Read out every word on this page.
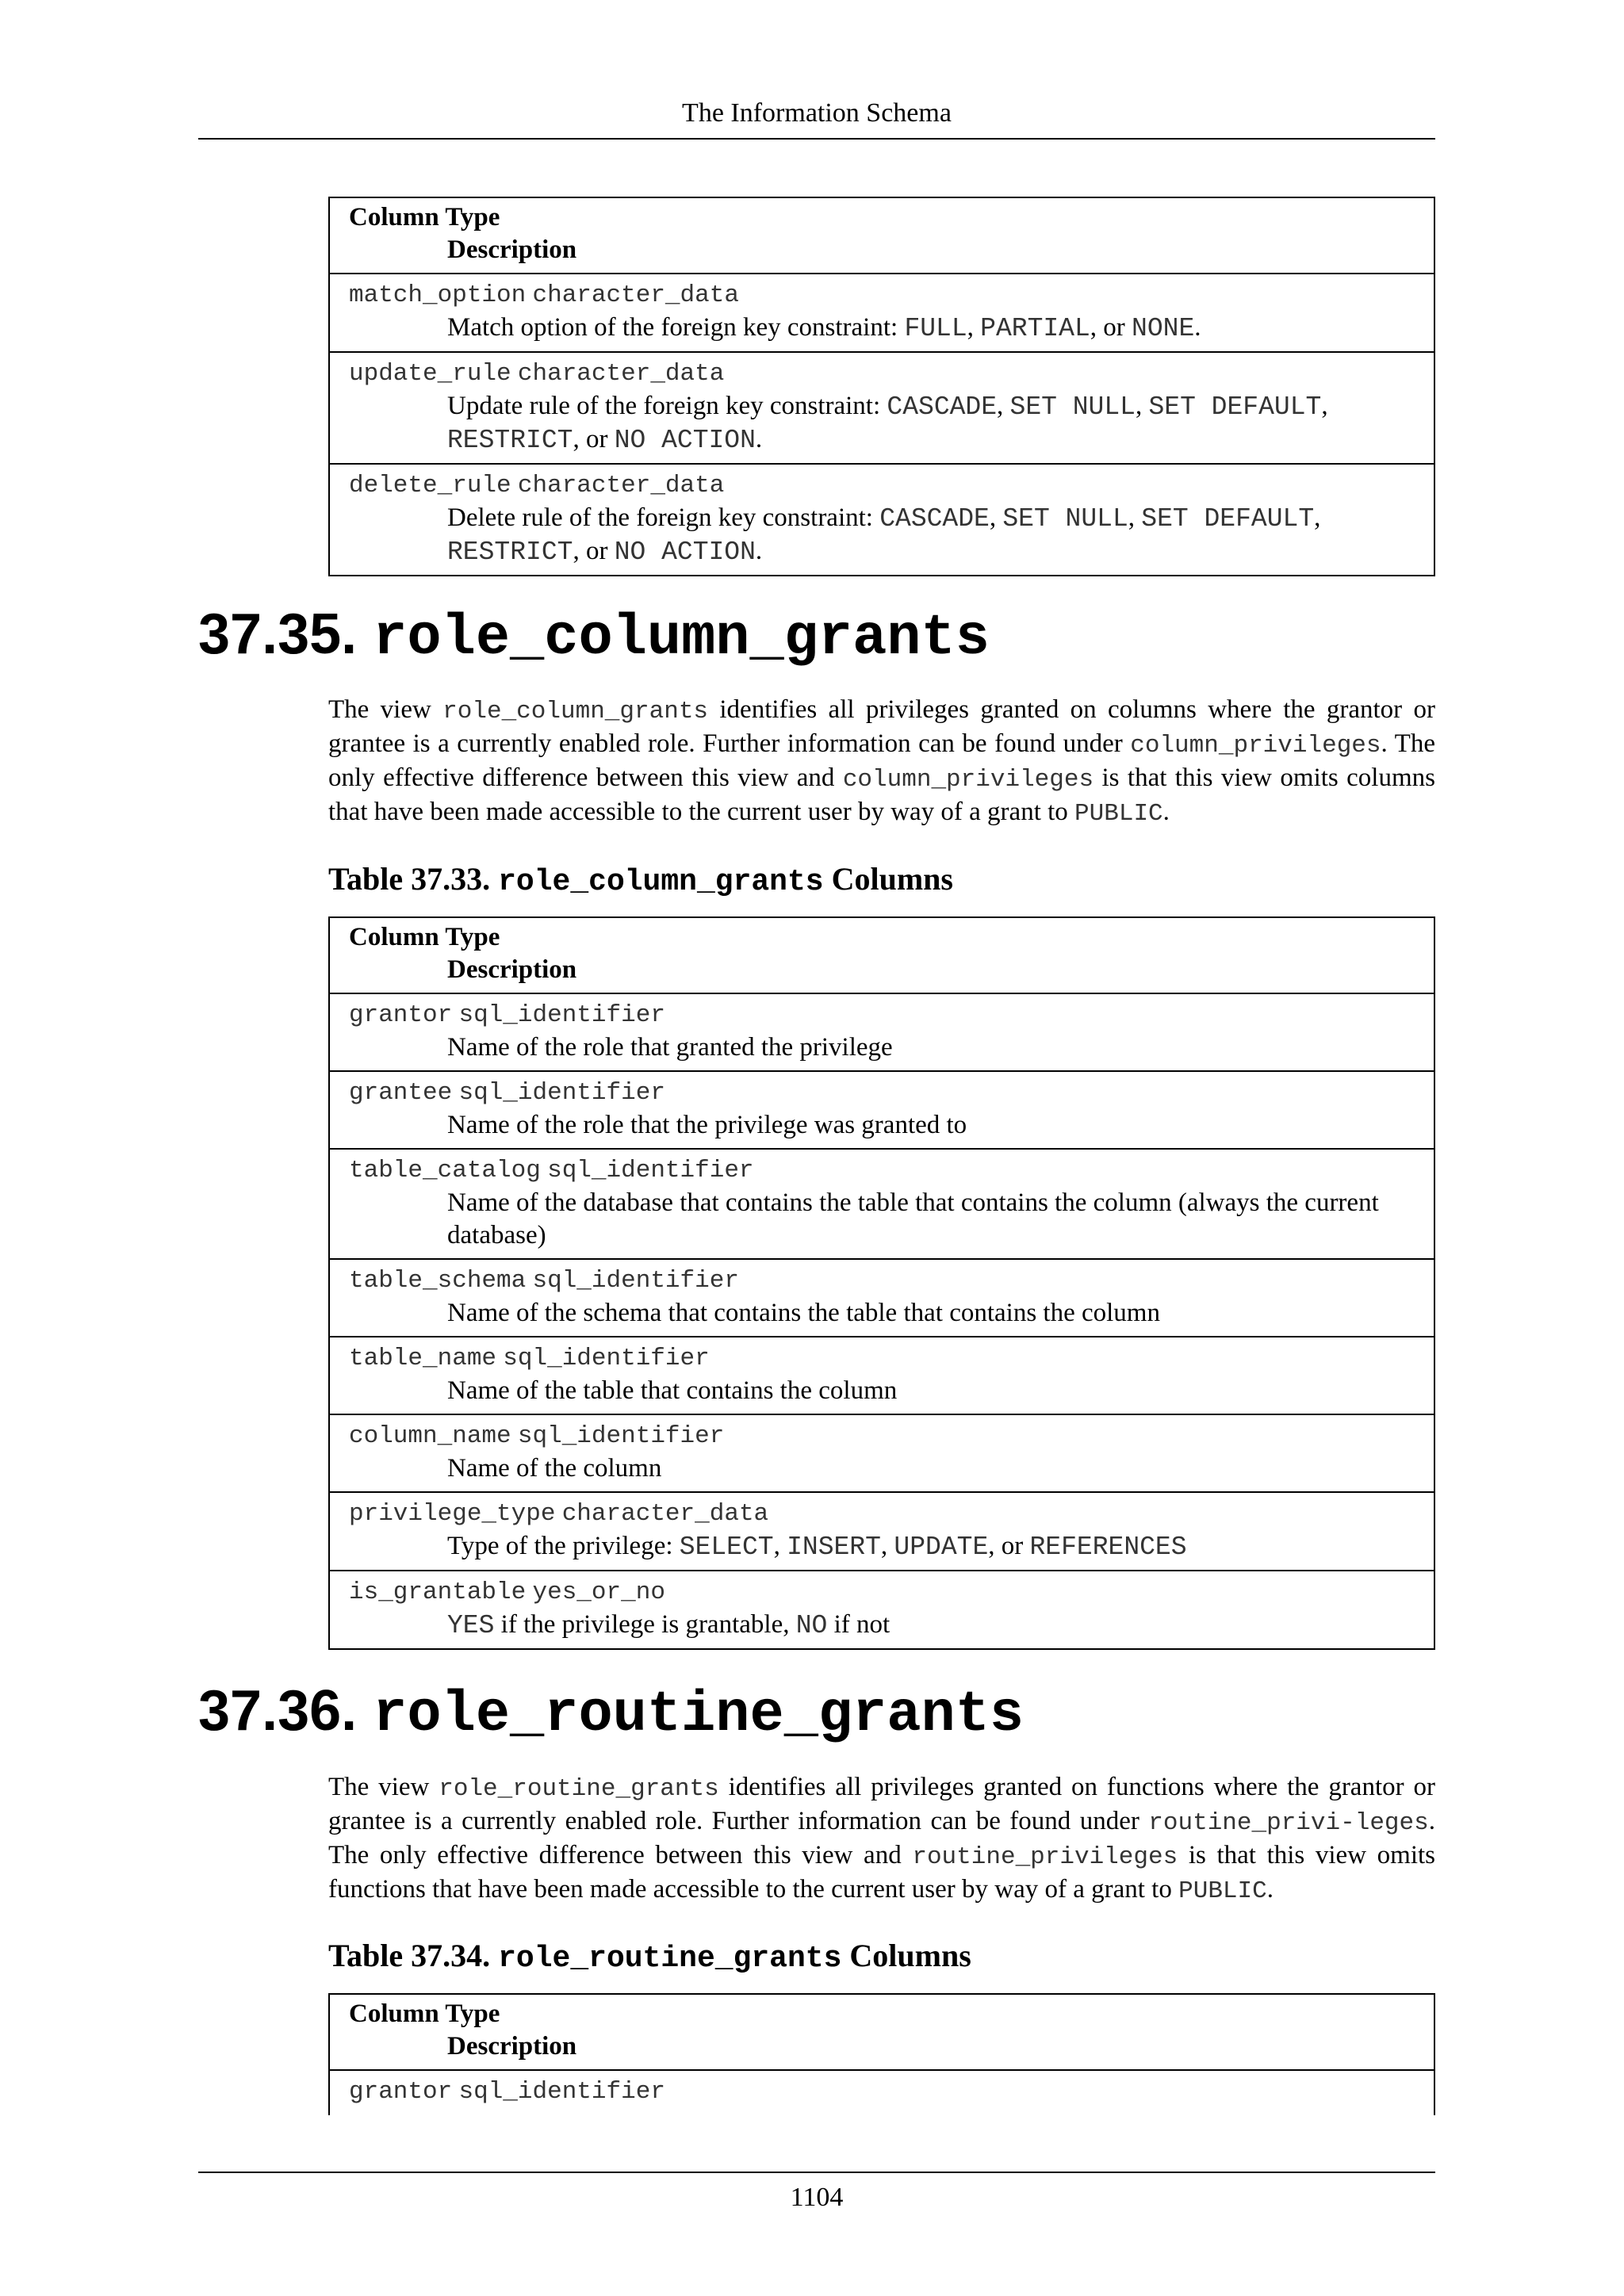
The Information Schema
Column Type
Description

match_option character_data
Match option of the foreign key constraint: FULL, PARTIAL, or NONE.

update_rule character_data
Update rule of the foreign key constraint: CASCADE, SET NULL, SET DEFAULT,
RESTRICT, or NO ACTION.

delete_rule character_data
Delete rule of the foreign key constraint: CASCADE, SET NULL, SET DEFAULT,
RESTRICT, or NO ACTION.
37.35. role_column_grants

The view role_column_grants identifies all privileges granted on columns where the grantor or grantee is a currently enabled role. Further information can be found under column_privileges. The only effective difference between this view and column_privileges is that this view omits columns that have been made accessible to the current user by way of a grant to PUBLIC.

Table 37.33. role_column_grants Columns
Column Type
Description

grantor sql_identifier
Name of the role that granted the privilege

grantee sql_identifier
Name of the role that the privilege was granted to

table_catalog sql_identifier
Name of the database that contains the table that contains the column (always the current database)

table_schema sql_identifier
Name of the schema that contains the table that contains the column

table_name sql_identifier
Name of the table that contains the column

column_name sql_identifier
Name of the column

privilege_type character_data
Type of the privilege: SELECT, INSERT, UPDATE, or REFERENCES

is_grantable yes_or_no
YES if the privilege is grantable, NO if not
37.36. role_routine_grants

The view role_routine_grants identifies all privileges granted on functions where the grantor or grantee is a currently enabled role. Further information can be found under routine_privi-leges. The only effective difference between this view and routine_privileges is that this view omits functions that have been made accessible to the current user by way of a grant to PUBLIC.

Table 37.34. role_routine_grants Columns
Column Type
Description

grantor sql_identifier

1104
